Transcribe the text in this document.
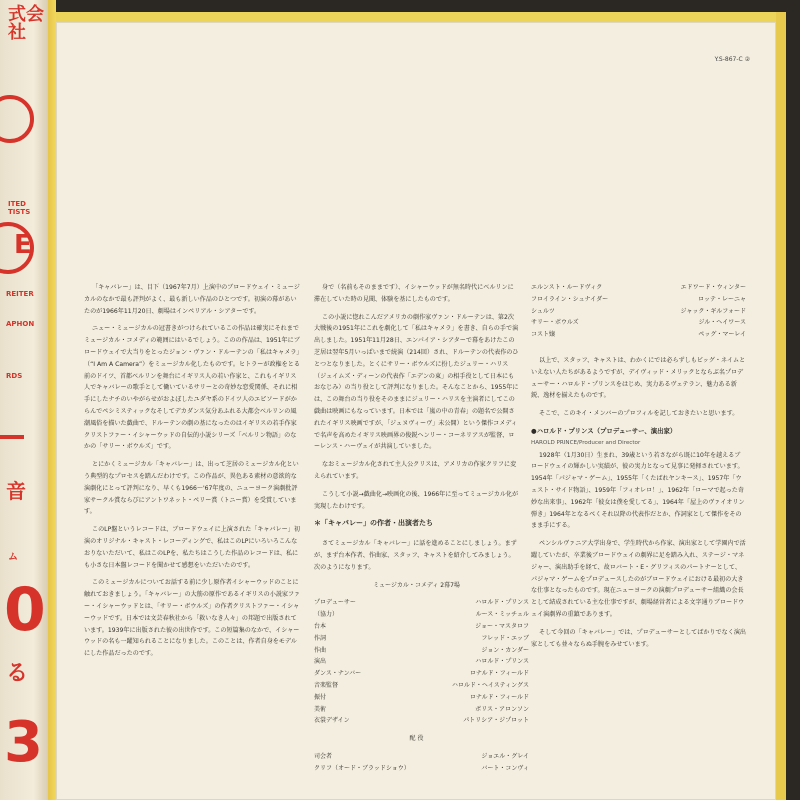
式会社
ITED
TISTS
E
REITER
APHON
RDS
音
ム
0
る
3
Y.S-867-C ②

「キャバレー」は、目下（1967年7月）上演中のブロードウェイ・ミュージカルのなかで最も評判がよく、最も新しい作品のひとつです。初演の幕があいたのが1966年11月20日、劇場はインペリアル・シアターです。

ニュー・ミュージカルの冠書きがつけられているこの作品は確実にそれまでミュージカル・コメディの範囲にはいるでしょう。このの作品は、1951年にブロードウェイで大当りをとったジョン・ヴァン・ドルーテンの「私はキャメラ」（“I Am A Camera”）をミュージカル化したものです。ヒトラーが政権をとる前のドイツ、首都ベルリンを舞台にイギリス人の若い作家と、これもイギリス人でキャバレーの歌手として働いているサリーとの奇妙な恋愛関係、それに相手にしたナチのいやがらせがおよぼしたユダヤ系のドイツ人のエピソードがからんでペシミスティックなそしてデカダンス気分あふれる大都会ベルリンの風潮風俗を描いた戯曲で、ドルーテンの劇の基になったのはイギリスの若手作家クリストファー・イシャーウッドの自伝的小説シリーズ「ベルリン物語」のなかの「サリー・ボウルズ」です。

とにかくミュージカル「キャバレー」は、出って芝居のミュージカル化という典型的なプロセスを踏んだわけです。この作品が、異色ある素材の意欲的な演劇化にとって評判になり、早くも1966〜'67年度の、ニューヨーク演劇批評家サークル賞ならびにアントワネット・ペリー賞（トニー賞）を受賞しています。

このLP盤というレコードは、ブロードウェイに上演された「キャバレー」初演のオリジナル・キャスト・レコーディングで、私はこのLPにいろいろこんなおりないただいて、私はこのLPを、私たちはこうした作品のレコードは、私にも小さな日本盤レコードを聞かせて感想をいただいたのです。

このミュージカルについてお話する前に少し原作者イシャーウッドのことに触れておきましょう。「キャバレー」の大筋の原作であるイギリスの小説家ファー・イシャーウッドとは、「サリー・ボウルズ」の作者クリストファー・イシャーウッドです。日本では文芸春秋社から「救いなき人々」の邦題で出版されています。1939年に出版された彼の出世作です。この短篇集のなかで、イシャーウッドの名も一躍知られることになりました。このことは、作者自身をモデルにした作品だったのです。

身で（名前もそのままです）、イシャーウッドが無名時代にベルリンに滞在していた時の見聞、体験を基にしたものです。

この小説に惚れこんだアメリカの劇作家ヴァン・ドルーテンは、第2次大戦後の1951年にこれを劇化して「私はキャメラ」を書き、自らの手で演出しました。1951年11月28日、エンパイア・シアターで幕をあけたこの芝居は翌年5月いっぱいまで続演（214回）され、ドルーテンの代表作のひとつとなりました。とくにサリー・ボウルズに扮したジュリー・ハリス（ジェイムズ・ディーンの代表作「エデンの東」の相手役として日本にもおなじみ）の当り役として評判になりました。そんなことから、1955年には、この舞台の当り役をそのままにジュリー・ハリスを主演者にしてこの戯曲は映画にもなっています。日本では「嵐の中の青春」の題名で公開されたイギリス映画ですが、「ジュヌヴィーヴ」未公開）という傑作コメディで名声を高めたイギリス映画界の俊鋭ヘンリー・コーネリアスが監督、ローレンス・ハーヴェイが共演していました。

なおミュージカル化されて主人公クリスは、アメリカの作家クリフに変えられています。

こうして小説→戯曲化→映画化の後、1966年に至ってミュージカル化が実現したわけです。

＊「キャバレー」の作者・出演者たち

さてミュージカル「キャバレー」に話を進めることにしましょう。まずが、まず台本作者、作曲家、スタッフ、キャストを紹介してみましょう。次のようになります。

ミュージカル・コメディ 2幕7場
プロデューサー	ハロルド・プリンス
（協力）	ルース・ミッチェル
台本	ジョー・マスタロフ
作詞	フレッド・エッブ
作曲	ジョン・カンダー
演出	ハロルド・プリンス
ダンス・ナンバー	ロナルド・フィールド
音楽監督	ハロルド・ヘイスティングス
振付	ロナルド・フィールド
美術	ボリス・アロンソン
衣裳デザイン	パトリシア・ジプロット
配 役
司会者	ジョエル・グレイ
クリフ（オード・ブラッドショウ）	バート・コンヴィ
エルンスト・ルードヴィク	エドワード・ウィンター
フロイライン・シュナイダー	ロッテ・レーニャ
シュルツ	ジャック・ギルフォード
サリー・ボウルズ	ジル・ヘイワース
コスト嬢	ペッグ・マーレイ

以上で、スタッフ、キャストは、わかくにでは必らずしもビッグ・ネイムといえない人たちがあるようですが、デイヴィッド・メリックとならぶ名プロデューサー・ハロルド・プリンスをはじめ、実力あるヴェテラン、魅力ある新鋭、逸材を揃えたものです。

そこで、このキイ・メンバーのプロフィルを記しておきたいと思います。

●ハロルド・プリンス（プロデューサー、演出家）
HAROLD PRINCE/Producer and Director

1928年（1月30日）生まれ、39歳という若さながら既に10年を越えるブロードウェイの輝かしい実績が、彼の実力となって見事に発揮されています。1954年「パジャマ・ゲーム」、1955年「くたばれヤンキース」、1957年「ウェスト・サイド物語」、1959年「フィオレロ！」、1962年「ローマで起った奇妙な出来事」、1962年「彼女は僕を愛してる」、1964年「屋上のヴァイオリン弾き」1964年となるべくそれ以降の代表作だとか、作詞家として傑作をそのまま手にする。

ペンシルヴァニア大学出身で、学生時代から作家、演出家として学園内で活躍していたが、卒業後ブロードウェイの劇界に足を踏み入れ、ステージ・マネジャー、演出助手を経て、故ロバート・E・グリフィスのパートナーとして、パジャマ・ゲームをプロデュースしたのがブロードウェイにおける最初の大きな仕事となったものです。現在ニューヨークの演劇プロデューサー組織の会長として結成されている主な仕事ですが、劇場経営者による文字通りブロードウェイ演劇界の重鎮であります。

そして今回の「キャバレー」では、プロデューサーとしてばかりでなく演出家としても並々ならぬ手腕をみせています。
